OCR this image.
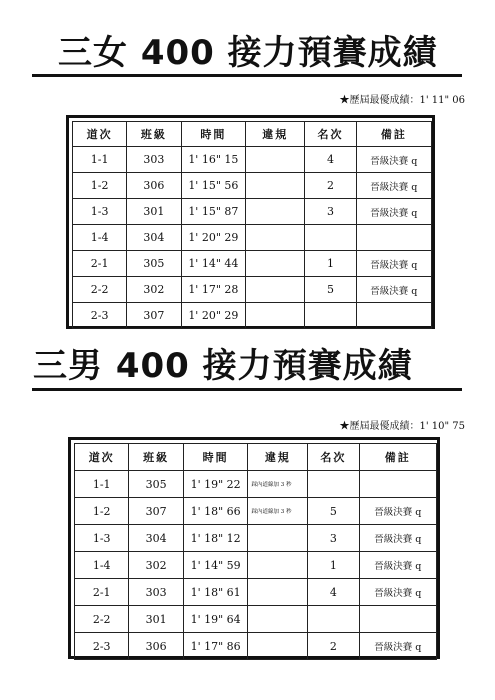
三女 400 接力預賽成績
★歷屆最優成績：1' 11" 06
道次	班級	時間	違規	名次	備註
1-1	303	1' 16" 15		4	晉級決賽 q
1-2	306	1' 15" 56		2	晉級決賽 q
1-3	301	1' 15" 87		3	晉級決賽 q
1-4	304	1' 20" 29			
2-1	305	1' 14" 44		1	晉級決賽 q
2-2	302	1' 17" 28		5	晉級決賽 q
2-3	307	1' 20" 29			
三男 400 接力預賽成績
★歷屆最優成績：1' 10" 75
道次	班級	時間	違規	名次	備註
1-1	305	1' 19" 22	踩內道線加 3 秒		
1-2	307	1' 18" 66	踩內道線加 3 秒	5	晉級決賽 q
1-3	304	1' 18" 12		3	晉級決賽 q
1-4	302	1' 14" 59		1	晉級決賽 q
2-1	303	1' 18" 61		4	晉級決賽 q
2-2	301	1' 19" 64			
2-3	306	1' 17" 86		2	晉級決賽 q
